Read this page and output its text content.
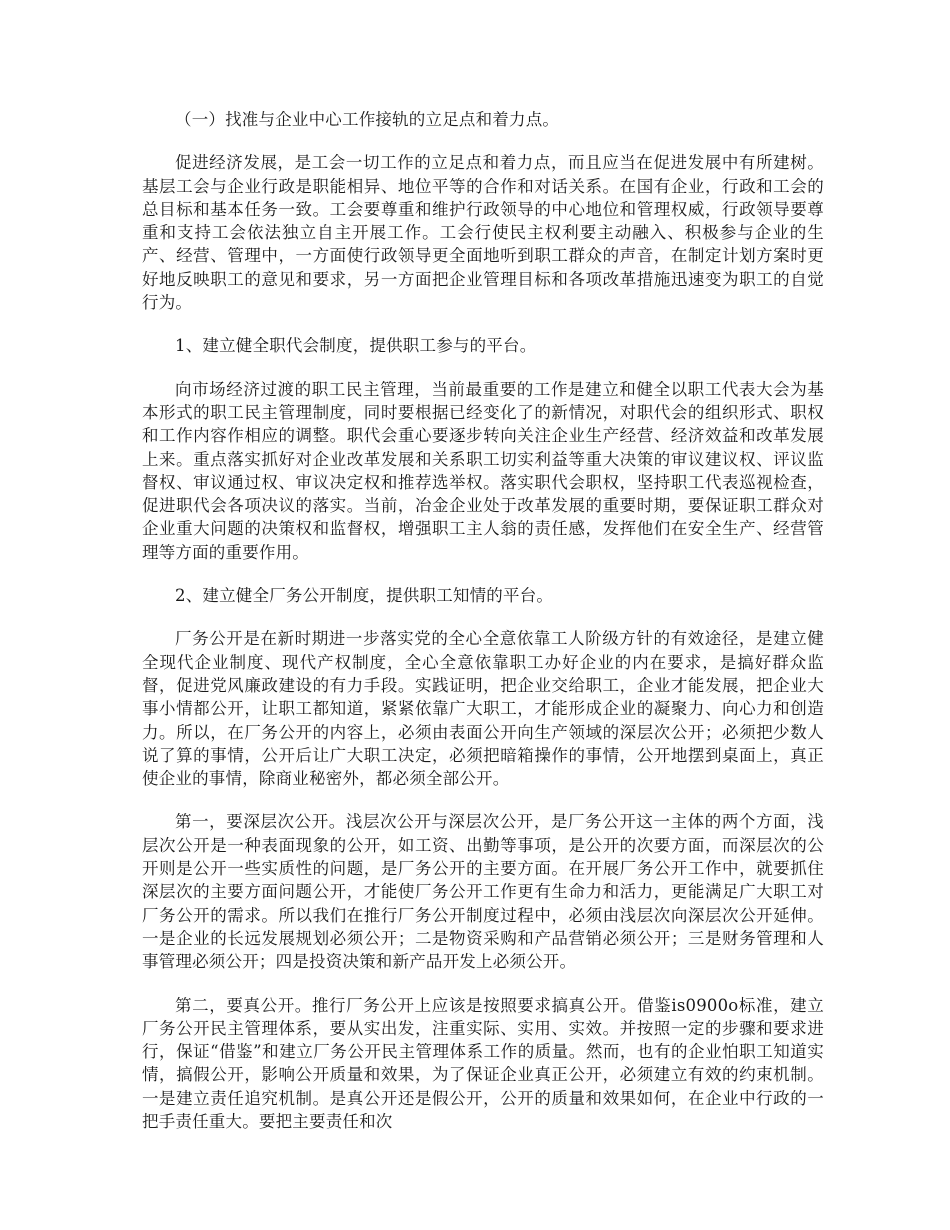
（一）找准与企业中心工作接轨的立足点和着力点。

促进经济发展，是工会一切工作的立足点和着力点，而且应当在促进发展中有所建树。基层工会与企业行政是职能相异、地位平等的合作和对话关系。在国有企业，行政和工会的总目标和基本任务一致。工会要尊重和维护行政领导的中心地位和管理权威，行政领导要尊重和支持工会依法独立自主开展工作。工会行使民主权利要主动融入、积极参与企业的生产、经营、管理中，一方面使行政领导更全面地听到职工群众的声音，在制定计划方案时更好地反映职工的意见和要求，另一方面把企业管理目标和各项改革措施迅速变为职工的自觉行为。

1、建立健全职代会制度，提供职工参与的平台。

向市场经济过渡的职工民主管理，当前最重要的工作是建立和健全以职工代表大会为基本形式的职工民主管理制度，同时要根据已经变化了的新情况，对职代会的组织形式、职权和工作内容作相应的调整。职代会重心要逐步转向关注企业生产经营、经济效益和改革发展上来。重点落实抓好对企业改革发展和关系职工切实利益等重大决策的审议建议权、评议监督权、审议通过权、审议决定权和推荐选举权。落实职代会职权，坚持职工代表巡视检查，促进职代会各项决议的落实。当前，冶金企业处于改革发展的重要时期，要保证职工群众对企业重大问题的决策权和监督权，增强职工主人翁的责任感，发挥他们在安全生产、经营管理等方面的重要作用。

2、建立健全厂务公开制度，提供职工知情的平台。

厂务公开是在新时期进一步落实党的全心全意依靠工人阶级方针的有效途径，是建立健全现代企业制度、现代产权制度，全心全意依靠职工办好企业的内在要求，是搞好群众监督，促进党风廉政建设的有力手段。实践证明，把企业交给职工，企业才能发展，把企业大事小情都公开，让职工都知道，紧紧依靠广大职工，才能形成企业的凝聚力、向心力和创造力。所以，在厂务公开的内容上，必须由表面公开向生产领域的深层次公开；必须把少数人说了算的事情，公开后让广大职工决定，必须把暗箱操作的事情，公开地摆到桌面上，真正使企业的事情，除商业秘密外，都必须全部公开。

第一，要深层次公开。浅层次公开与深层次公开，是厂务公开这一主体的两个方面，浅层次公开是一种表面现象的公开，如工资、出勤等事项，是公开的次要方面，而深层次的公开则是公开一些实质性的问题，是厂务公开的主要方面。在开展厂务公开工作中，就要抓住深层次的主要方面问题公开，才能使厂务公开工作更有生命力和活力，更能满足广大职工对厂务公开的需求。所以我们在推行厂务公开制度过程中，必须由浅层次向深层次公开延伸。一是企业的长远发展规划必须公开；二是物资采购和产品营销必须公开；三是财务管理和人事管理必须公开；四是投资决策和新产品开发上必须公开。

第二，要真公开。推行厂务公开上应该是按照要求搞真公开。借鉴is0900o标准，建立厂务公开民主管理体系，要从实出发，注重实际、实用、实效。并按照一定的步骤和要求进行，保证“借鉴”和建立厂务公开民主管理体系工作的质量。然而，也有的企业怕职工知道实情，搞假公开，影响公开质量和效果，为了保证企业真正公开，必须建立有效的约束机制。一是建立责任追究机制。是真公开还是假公开，公开的质量和效果如何，在企业中行政的一把手责任重大。要把主要责任和次
